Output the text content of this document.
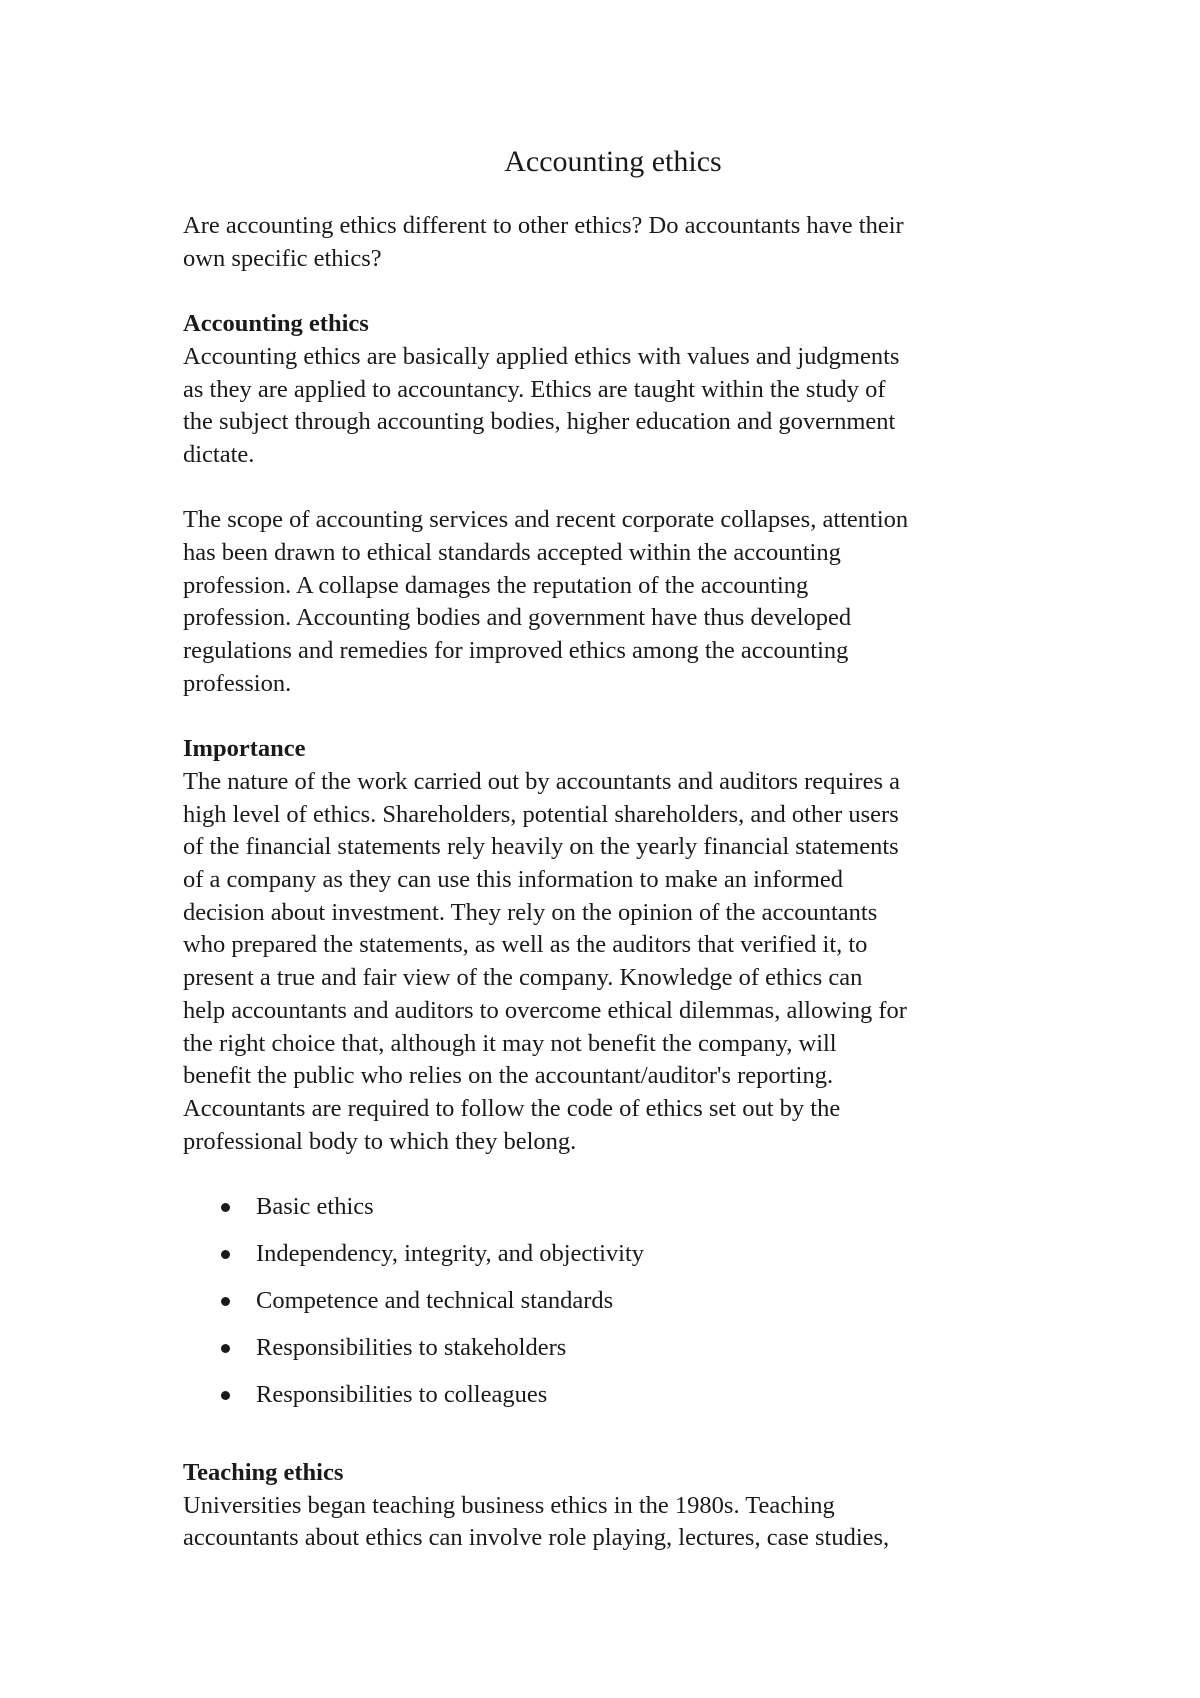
Accounting ethics

Are accounting ethics different to other ethics? Do accountants have their
own specific ethics?

Accounting ethics

Accounting ethics are basically applied ethics with values and judgments
as they are applied to accountancy. Ethics are taught within the study of
the subject through accounting bodies, higher education and government
dictate.

The scope of accounting services and recent corporate collapses, attention
has been drawn to ethical standards accepted within the accounting
profession. A collapse damages the reputation of the accounting
profession. Accounting bodies and government have thus developed
regulations and remedies for improved ethics among the accounting
profession.

Importance

The nature of the work carried out by accountants and auditors requires a
high level of ethics. Shareholders, potential shareholders, and other users
of the financial statements rely heavily on the yearly financial statements
of a company as they can use this information to make an informed
decision about investment. They rely on the opinion of the accountants
who prepared the statements, as well as the auditors that verified it, to
present a true and fair view of the company. Knowledge of ethics can
help accountants and auditors to overcome ethical dilemmas, allowing for
the right choice that, although it may not benefit the company, will
benefit the public who relies on the accountant/auditor's reporting.
Accountants are required to follow the code of ethics set out by the
professional body to which they belong.

Basic ethics
Independency, integrity, and objectivity
Competence and technical standards
Responsibilities to stakeholders
Responsibilities to colleagues

Teaching ethics

Universities began teaching business ethics in the 1980s. Teaching
accountants about ethics can involve role playing, lectures, case studies,
